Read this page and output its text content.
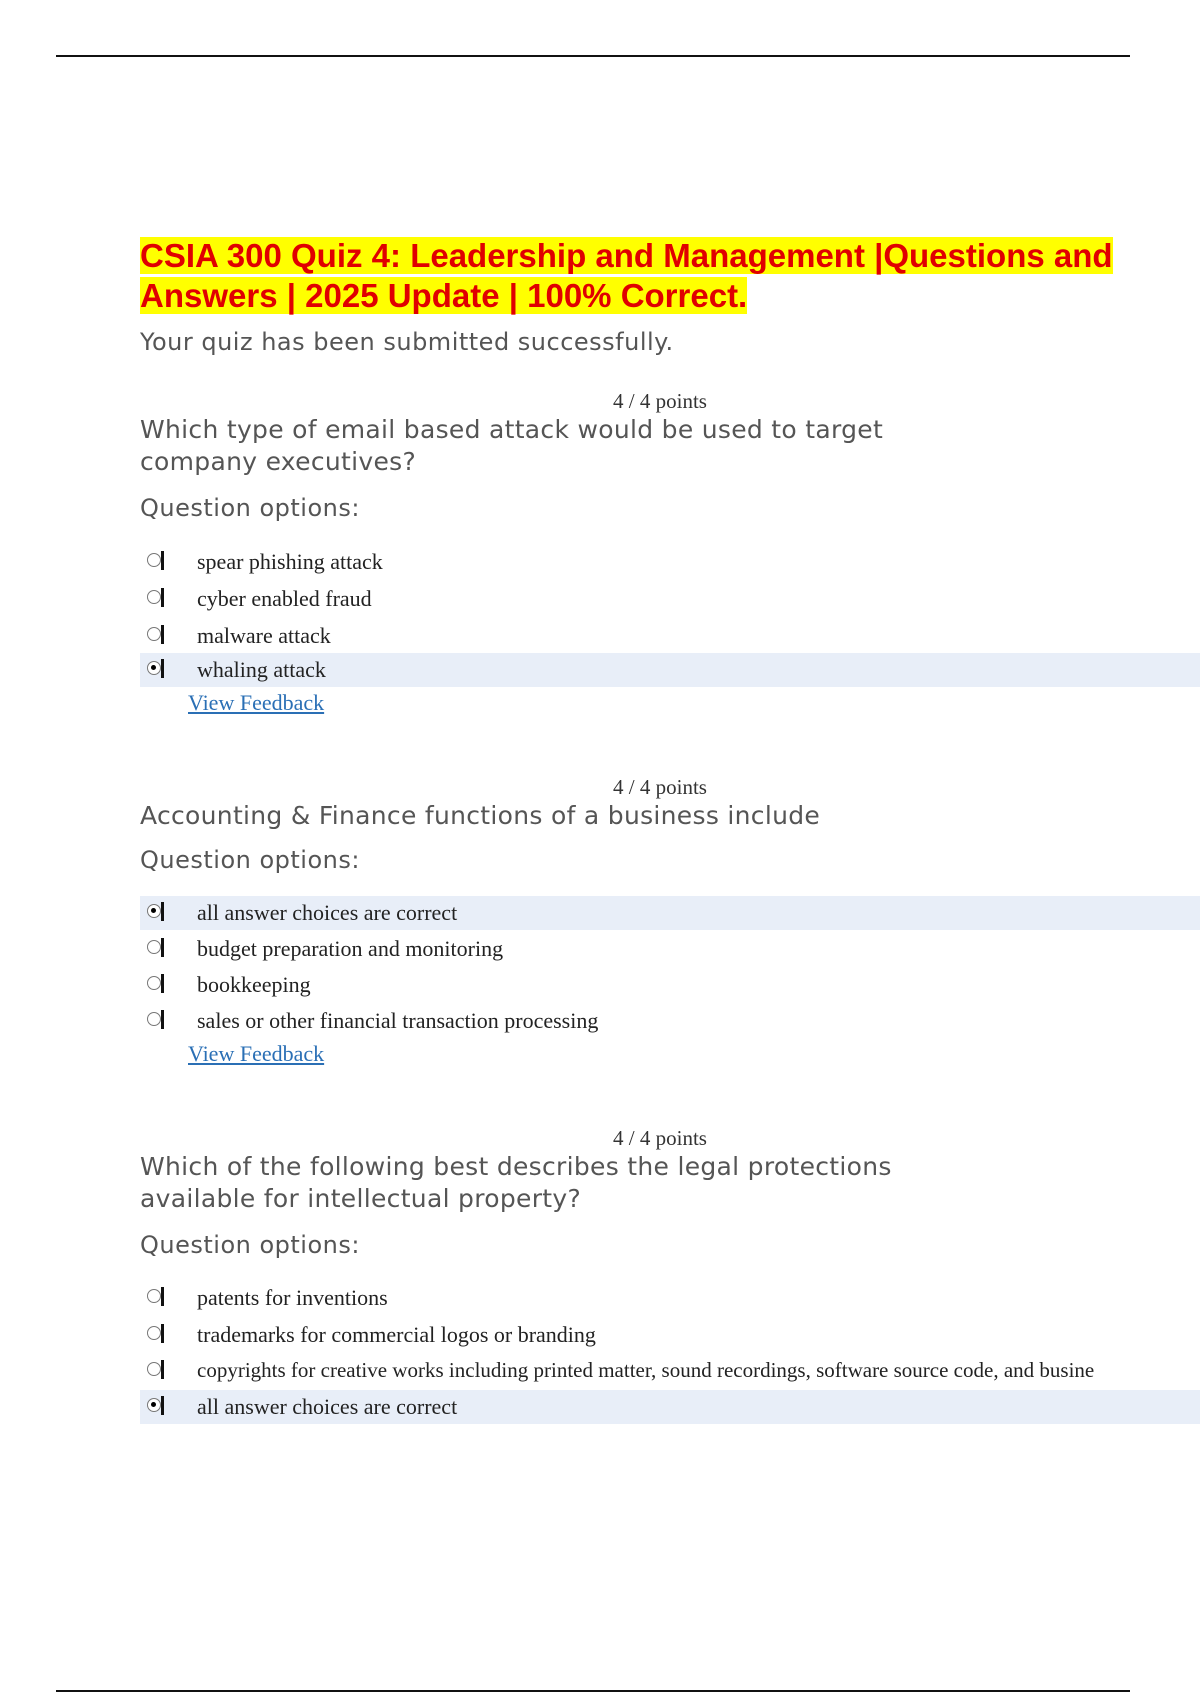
CSIA 300 Quiz 4: Leadership and Management |Questions and
Answers | 2025 Update | 100% Correct.
Your quiz has been submitted successfully.
4 / 4 points
Which type of email based attack would be used to target
company executives?
Question options:
spear phishing attack
cyber enabled fraud
malware attack
whaling attack
View Feedback
4 / 4 points
Accounting & Finance functions of a business include
Question options:
all answer choices are correct
budget preparation and monitoring
bookkeeping
sales or other financial transaction processing
View Feedback
4 / 4 points
Which of the following best describes the legal protections
available for intellectual property?
Question options:
patents for inventions
trademarks for commercial logos or branding
copyrights for creative works including printed matter, sound recordings, software source code, and busine
all answer choices are correct
